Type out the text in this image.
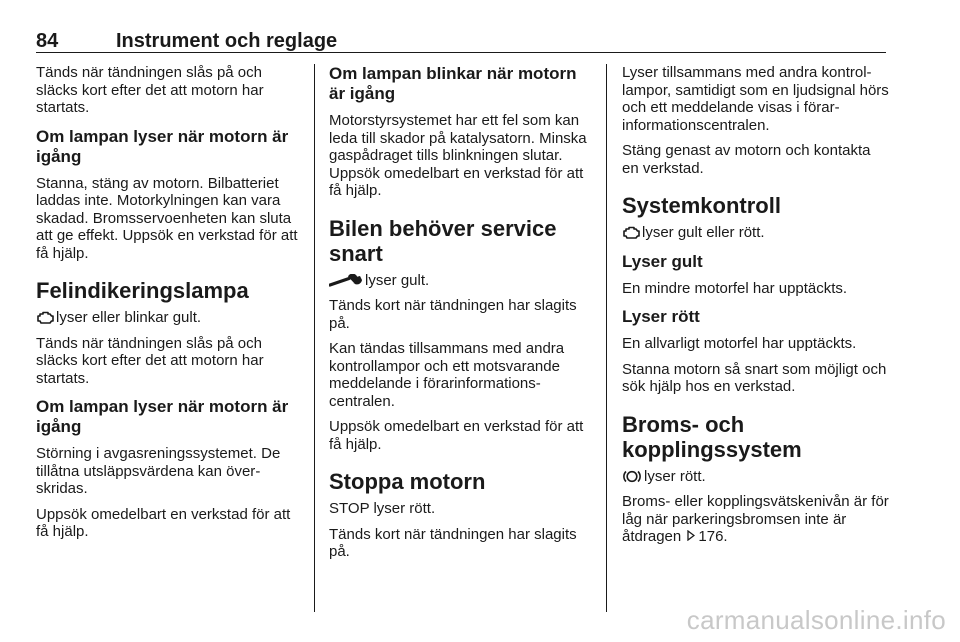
84	Instrument och reglage

Tänds när tändningen slås på och släcks kort efter det att motorn har startats.

Om lampan lyser när motorn är igång

Stanna, stäng av motorn. Bilbatteriet laddas inte. Motorkylningen kan vara skadad. Bromsservoenheten kan sluta att ge effekt. Uppsök en verkstad för att få hjälp.

Felindikeringslampa

lyser eller blinkar gult.

Tänds när tändningen slås på och släcks kort efter det att motorn har startats.

Om lampan lyser när motorn är igång

Störning i avgasreningssystemet. De tillåtna utsläppsvärdena kan överskridas.

Uppsök omedelbart en verkstad för att få hjälp.

Om lampan blinkar när motorn är igång

Motorstyrsystemet har ett fel som kan leda till skador på katalysatorn. Minska gaspådraget tills blinkningen slutar. Uppsök omedelbart en verkstad för att få hjälp.

Bilen behöver service snart

lyser gult.

Tänds kort när tändningen har slagits på.

Kan tändas tillsammans med andra kontrollampor och ett motsvarande meddelande i förarinformationscentralen.

Uppsök omedelbart en verkstad för att få hjälp.

Stoppa motorn

STOP lyser rött.

Tänds kort när tändningen har slagits på.

Lyser tillsammans med andra kontrollampor, samtidigt som en ljudsignal hörs och ett meddelande visas i förarinformationscentralen.

Stäng genast av motorn och kontakta en verkstad.

Systemkontroll

lyser gult eller rött.

Lyser gult

En mindre motorfel har upptäckts.

Lyser rött

En allvarligt motorfel har upptäckts.

Stanna motorn så snart som möjligt och sök hjälp hos en verkstad.

Broms- och kopplingssystem

lyser rött.

Broms- eller kopplingsvätskenivån är för låg när parkeringsbromsen inte är åtdragen 176.

carmanualsonline.info
